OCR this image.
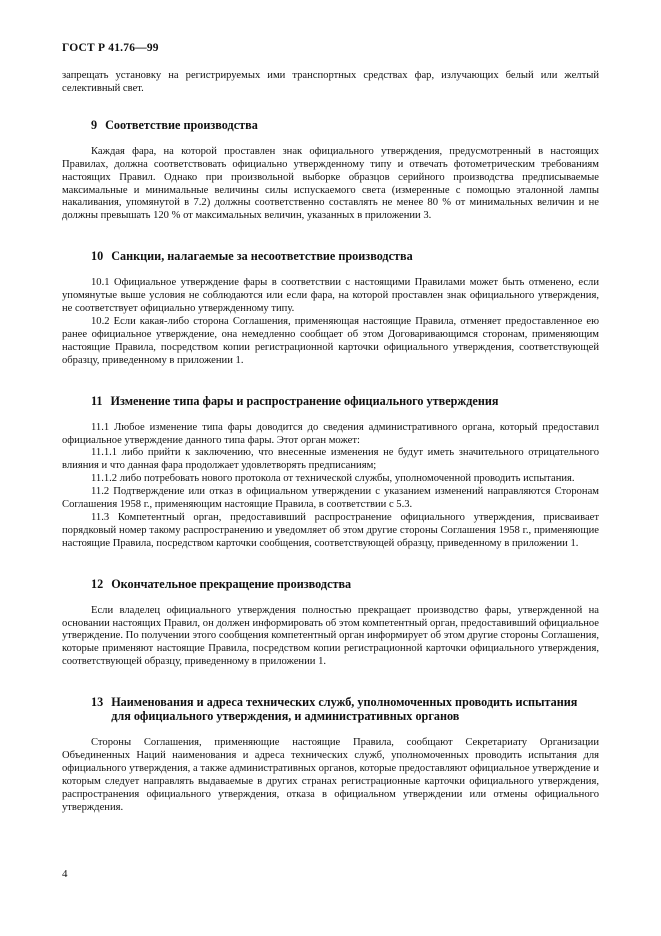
ГОСТ Р 41.76—99

запрещать установку на регистрируемых ими транспортных средствах фар, излучающих белый или желтый селективный свет.

9 Соответствие производства

Каждая фара, на которой проставлен знак официального утверждения, предусмотренный в настоящих Правилах, должна соответствовать официально утвержденному типу и отвечать фотометрическим требованиям настоящих Правил. Однако при произвольной выборке образцов серийного производства предписываемые максимальные и минимальные величины силы испускаемого света (измеренные с помощью эталонной лампы накаливания, упомянутой в 7.2) должны соответственно составлять не менее 80 % от минимальных величин и не должны превышать 120 % от максимальных величин, указанных в приложении 3.

10 Санкции, налагаемые за несоответствие производства

10.1 Официальное утверждение фары в соответствии с настоящими Правилами может быть отменено, если упомянутые выше условия не соблюдаются или если фара, на которой проставлен знак официального утверждения, не соответствует официально утвержденному типу.

10.2 Если какая-либо сторона Соглашения, применяющая настоящие Правила, отменяет предоставленное ею ранее официальное утверждение, она немедленно сообщает об этом Договаривающимся сторонам, применяющим настоящие Правила, посредством копии регистрационной карточки официального утверждения, соответствующей образцу, приведенному в приложении 1.

11 Изменение типа фары и распространение официального утверждения

11.1 Любое изменение типа фары доводится до сведения административного органа, который предоставил официальное утверждение данного типа фары. Этот орган может:

11.1.1 либо прийти к заключению, что внесенные изменения не будут иметь значительного отрицательного влияния и что данная фара продолжает удовлетворять предписаниям;

11.1.2 либо потребовать нового протокола от технической службы, уполномоченной проводить испытания.

11.2 Подтверждение или отказ в официальном утверждении с указанием изменений направляются Сторонам Соглашения 1958 г., применяющим настоящие Правила, в соответствии с 5.3.

11.3 Компетентный орган, предоставивший распространение официального утверждения, присваивает порядковый номер такому распространению и уведомляет об этом другие стороны Соглашения 1958 г., применяющие настоящие Правила, посредством карточки сообщения, соответствующей образцу, приведенному в приложении 1.

12 Окончательное прекращение производства

Если владелец официального утверждения полностью прекращает производство фары, утвержденной на основании настоящих Правил, он должен информировать об этом компетентный орган, предоставивший официальное утверждение. По получении этого сообщения компетентный орган информирует об этом другие стороны Соглашения, которые применяют настоящие Правила, посредством копии регистрационной карточки официального утверждения, соответствующей образцу, приведенному в приложении 1.

13 Наименования и адреса технических служб, уполномоченных проводить испытания для официального утверждения, и административных органов

Стороны Соглашения, применяющие настоящие Правила, сообщают Секретариату Организации Объединенных Наций наименования и адреса технических служб, уполномоченных проводить испытания для официального утверждения, а также административных органов, которые предоставляют официальное утверждение и которым следует направлять выдаваемые в других странах регистрационные карточки официального утверждения, распространения официального утверждения, отказа в официальном утверждении или отмены официального утверждения.

4
